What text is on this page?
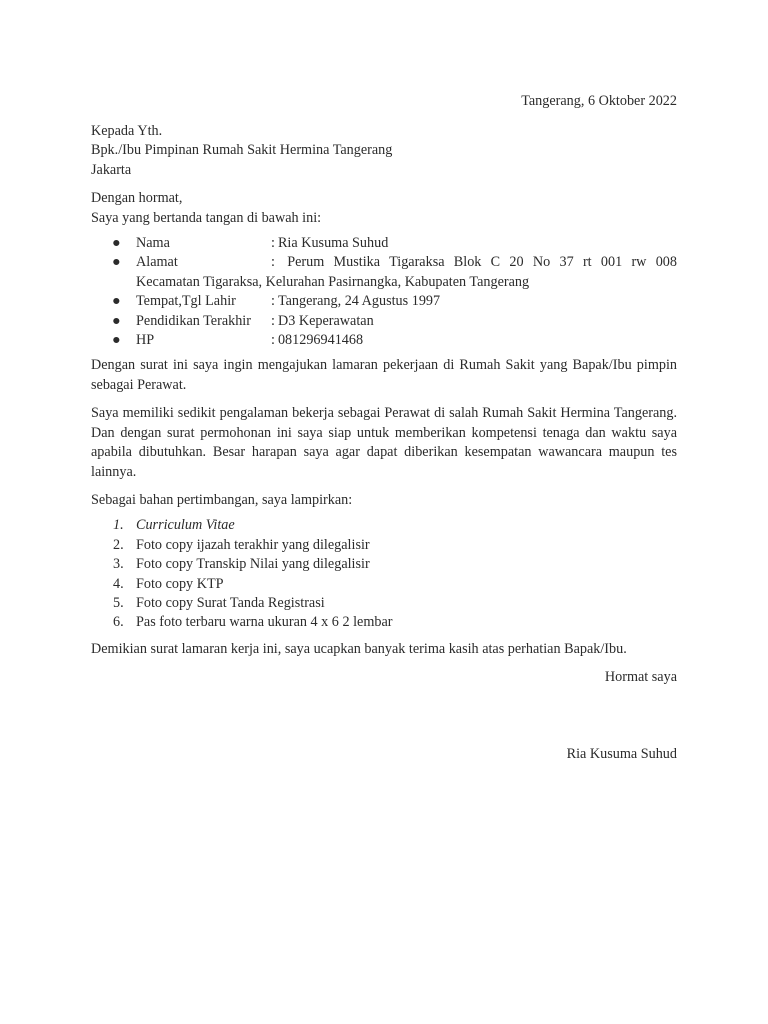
Tangerang, 6 Oktober 2022

Kepada Yth.

Bpk./Ibu Pimpinan Rumah Sakit Hermina Tangerang

Jakarta

Dengan hormat,

Saya yang bertanda tangan di bawah ini:

● Nama	: Ria Kusuma Suhud
● Alamat	: Perum Mustika Tigaraksa Blok C 20 No 37 rt 001 rw 008
Kecamatan Tigaraksa, Kelurahan Pasirnangka, Kabupaten Tangerang
● Tempat,Tgl Lahir	: Tangerang, 24 Agustus 1997
● Pendidikan Terakhir	: D3 Keperawatan
● HP	: 081296941468

Dengan surat ini saya ingin mengajukan lamaran pekerjaan di Rumah Sakit yang Bapak/Ibu pimpin sebagai Perawat.

Saya memiliki sedikit pengalaman bekerja sebagai Perawat di salah Rumah Sakit Hermina Tangerang. Dan dengan surat permohonan ini saya siap untuk memberikan kompetensi tenaga dan waktu saya apabila dibutuhkan. Besar harapan saya agar dapat diberikan kesempatan wawancara maupun tes lainnya.

Sebagai bahan pertimbangan, saya lampirkan:

1. Curriculum Vitae
2. Foto copy ijazah terakhir yang dilegalisir
3. Foto copy Transkip Nilai yang dilegalisir
4. Foto copy KTP
5. Foto copy Surat Tanda Registrasi
6. Pas foto terbaru warna ukuran 4 x 6 2 lembar

Demikian surat lamaran kerja ini, saya ucapkan banyak terima kasih atas perhatian Bapak/Ibu.

Hormat saya

Ria Kusuma Suhud
